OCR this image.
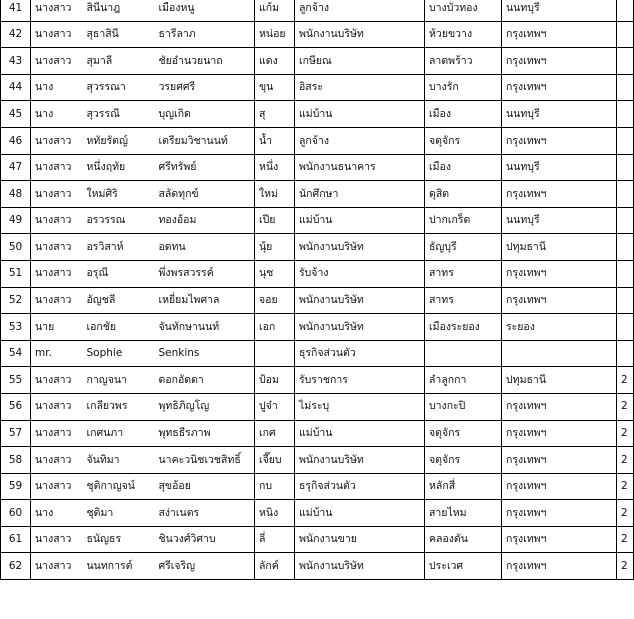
41	นางสาว	สินีนาฎ	เมืองหนู	แก้ม	ลูกจ้าง	บางบัวทอง	นนทบุรี	
42	นางสาว	สุธาสินี	ธารีลาภ	หน่อย	พนักงานบริษัท	ห้วยขวาง	กรุงเทพฯ	
43	นางสาว	สุมาลี	ชัยอำนวยนาถ	แดง	เกษียณ	ลาดพร้าว	กรุงเทพฯ	
44	นาง	สุวรรณา	วรยศศรี	ขุน	อิสระ	บางรัก	กรุงเทพฯ	
45	นาง	สุวรรณี	บุญเกิด	สุ	แม่บ้าน	เมือง	นนทบุรี	
46	นางสาว	หทัยรัตญ์	เตรียมวิชานนท์	น้ำ	ลูกจ้าง	จตุจักร	กรุงเทพฯ	
47	นางสาว	หนึ่งฤทัย	ศรีทรัพย์	หนึ่ง	พนักงานธนาคาร	เมือง	นนทบุรี	
48	นางสาว	ใหม่ศิริ	สลัดทุกข์	ใหม่	นักศึกษา	ดุสิต	กรุงเทพฯ	
49	นางสาว	อรวรรณ	ทองอ้อม	เปีย	แม่บ้าน	ปากเกร็ด	นนทบุรี	
50	นางสาว	อรวิสาห์	อดทน	นุ้ย	พนักงานบริษัท	ธัญบุรี	ปทุมธานี	
51	นางสาว	อรุณี	พึ่งพรสวรรค์	นุช	รับจ้าง	สาทร	กรุงเทพฯ	
52	นางสาว	อัญชลี	เหยี่ยมไพศาล	จอย	พนักงานบริษัท	สาทร	กรุงเทพฯ	
53	นาย	เอกชัย	จันทักษานนท์	เอก	พนักงานบริษัท	เมืองระยอง	ระยอง	
54	mr.	Sophie	Senkins		ธุรกิจส่วนตัว			
55	นางสาว	กาญจนา	ดอกอัดดา	ป้อม	รับราชการ	ลำลูกกา	ปทุมธานี	2
56	นางสาว	เกลียวพร	พุทธิภิญโญ	ปูจ๋า	ไม่ระบุ	บางกะปิ	กรุงเทพฯ	2
57	นางสาว	เกศนภา	พุทธธีรภาพ	เกศ	แม่บ้าน	จตุจักร	กรุงเทพฯ	2
58	นางสาว	จันทิมา	นาคะวนิชเวชสิทธิ์	เจี๊ยบ	พนักงานบริษัท	จตุจักร	กรุงเทพฯ	2
59	นางสาว	ชุติกาญจน์	สุขอ้อย	กบ	ธรุกิจส่วนตัว	หลักสี่	กรุงเทพฯ	2
60	นาง	ชุติมา	สง่าเนตร	หนิง	แม่บ้าน	สายไหม	กรุงเทพฯ	2
61	นางสาว	ธนัญธร	ชินวงศ์วิศาบ	ลี่	พนักงานขาย	คลองตัน	กรุงเทพฯ	2
62	นางสาว	นนทการต์	ศรีเจริญ	ลักค์	พนักงานบริษัท	ประเวศ	กรุงเทพฯ	2
